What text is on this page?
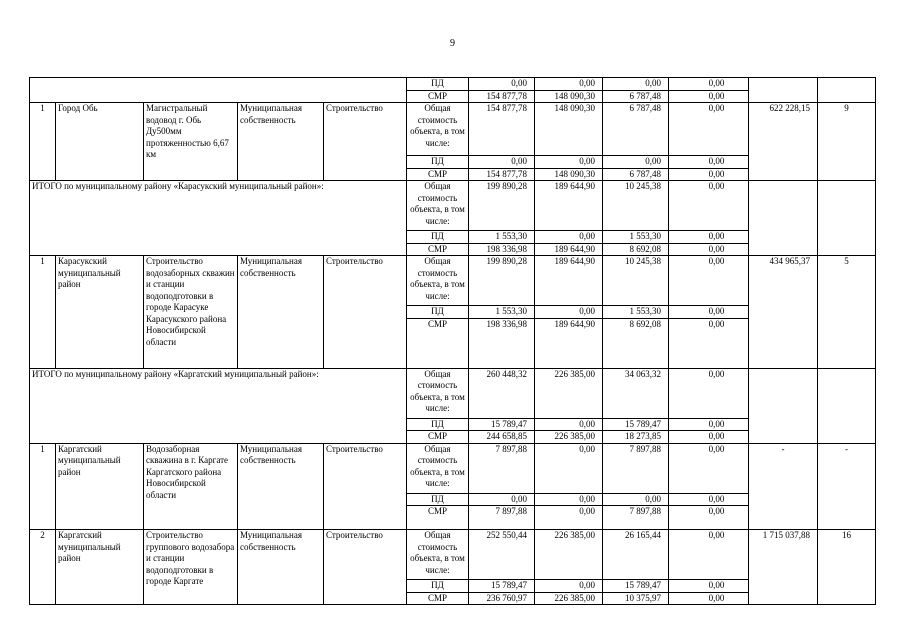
9
					ПД	0,00	0,00	0,00	0,00		
					СМР	154 877,78	148 090,30	6 787,48	0,00		
1	Город Обь	Магистральный водовод г. Обь Ду500мм протяженностью 6,67 км	Муниципальная собственность	Строительство	Общая стоимость объекта, в том числе:	154 877,78	148 090,30	6 787,48	0,00	622 228,15	9
					ПД	0,00	0,00	0,00	0,00		
					СМР	154 877,78	148 090,30	6 787,48	0,00		
ИТОГО по муниципальному району «Карасукский муниципальный район»:					Общая стоимость объекта, в том числе:	199 890,28	189 644,90	10 245,38	0,00		
					ПД	1 553,30	0,00	1 553,30	0,00		
					СМР	198 336,98	189 644,90	8 692,08	0,00		
1	Карасукский муниципальный район	Строительство водозаборных скважин и станции водоподготовки в городе Карасуке Карасукского района Новосибирской области	Муниципальная собственность	Строительство	Общая стоимость объекта, в том числе:	199 890,28	189 644,90	10 245,38	0,00	434 965,37	5
					ПД	1 553,30	0,00	1 553,30	0,00		
					СМР	198 336,98	189 644,90	8 692,08	0,00		
ИТОГО по муниципальному району «Каргатский муниципальный район»:					Общая стоимость объекта, в том числе:	260 448,32	226 385,00	34 063,32	0,00		
					ПД	15 789,47	0,00	15 789,47	0,00		
					СМР	244 658,85	226 385,00	18 273,85	0,00		
1	Каргатский муниципальный район	Водозаборная скважина в г. Каргате Каргатского района Новосибирской области	Муниципальная собственность	Строительство	Общая стоимость объекта, в том числе:	7 897,88	0,00	7 897,88	0,00	-	-
					ПД	0,00	0,00	0,00	0,00		
					СМР	7 897,88	0,00	7 897,88	0,00		
2	Каргатский муниципальный район	Строительство группового водозабора и станции водоподготовки в городе Каргате	Муниципальная собственность	Строительство	Общая стоимость объекта, в том числе:	252 550,44	226 385,00	26 165,44	0,00	1 715 037,88	16
					ПД	15 789,47	0,00	15 789,47	0,00		
					СМР	236 760,97	226 385,00	10 375,97	0,00		
